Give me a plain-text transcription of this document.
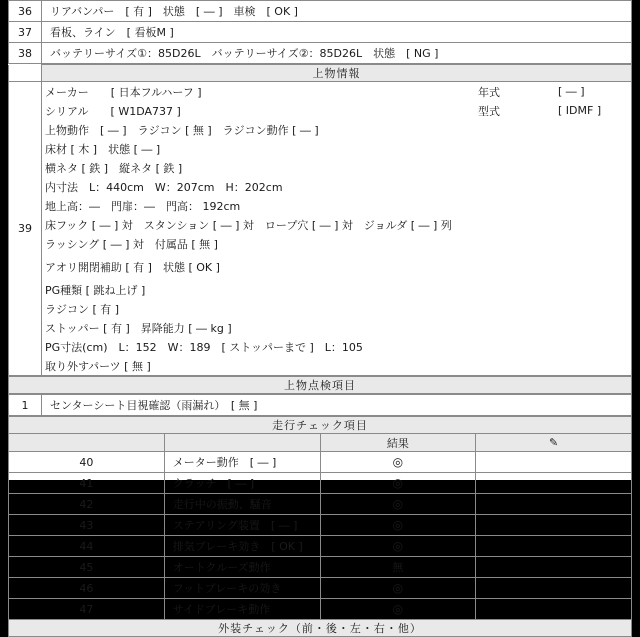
36	リアバンパー　[ 有 ]　状態　[ ― ]　車検　[ OK ]
37	看板、ライン　[ 看板M ]
38	バッテリーサイズ①：85D26L　バッテリーサイズ②：85D26L　状態　[ NG ]
	上物情報
39	
メーカー　　[ 日本フルハーフ ]	年式	[ ― ]
シリアル　　[ W1DA737 ]	型式	[ IDMF ]
上物動作　[ ― ]　ラジコン [ 無 ]　ラジコン動作 [ ― ]
床材 [ 木 ]　状態 [ ― ]
横ネタ [ 鉄 ]　縦ネタ [ 鉄 ]
内寸法　L：440cm　W：207cm　H：202cm
地上高：―　門扉：―　門高： 192cm
床フック [ ― ] 対　スタンション [ ― ] 対　ロープ穴 [ ― ] 対　ジョルダ [ ― ] 列
ラッシング [ ― ] 対　付属品 [ 無 ]
アオリ開閉補助 [ 有 ]　状態 [ OK ]
PG種類 [ 跳ね上げ ]
ラジコン [ 有 ]
ストッパー [ 有 ]　昇降能力 [ ― kg ]
PG寸法(cm)　L：152　W：189　[ ストッパーまで ]　L：105
取り外すパーツ [ 無 ]
上物点検項目
1	センターシート目視確認（雨漏れ）　[ 無 ]
走行チェック項目			
		結果	✎
40	メーター動作　[ ― ]	◎	
41	クラッチ　[ ― ]	◎	
42	走行中の振動、騒音	◎	
43	ステアリング装置　[ ― ]	◎	
44	排気ブレーキ効き　[ OK ]	◎	
45	オートクルーズ動作	無	
46	フットブレーキの効き	◎	
47	サイドブレーキ動作	◎	
外装チェック（前・後・左・右・他）			
